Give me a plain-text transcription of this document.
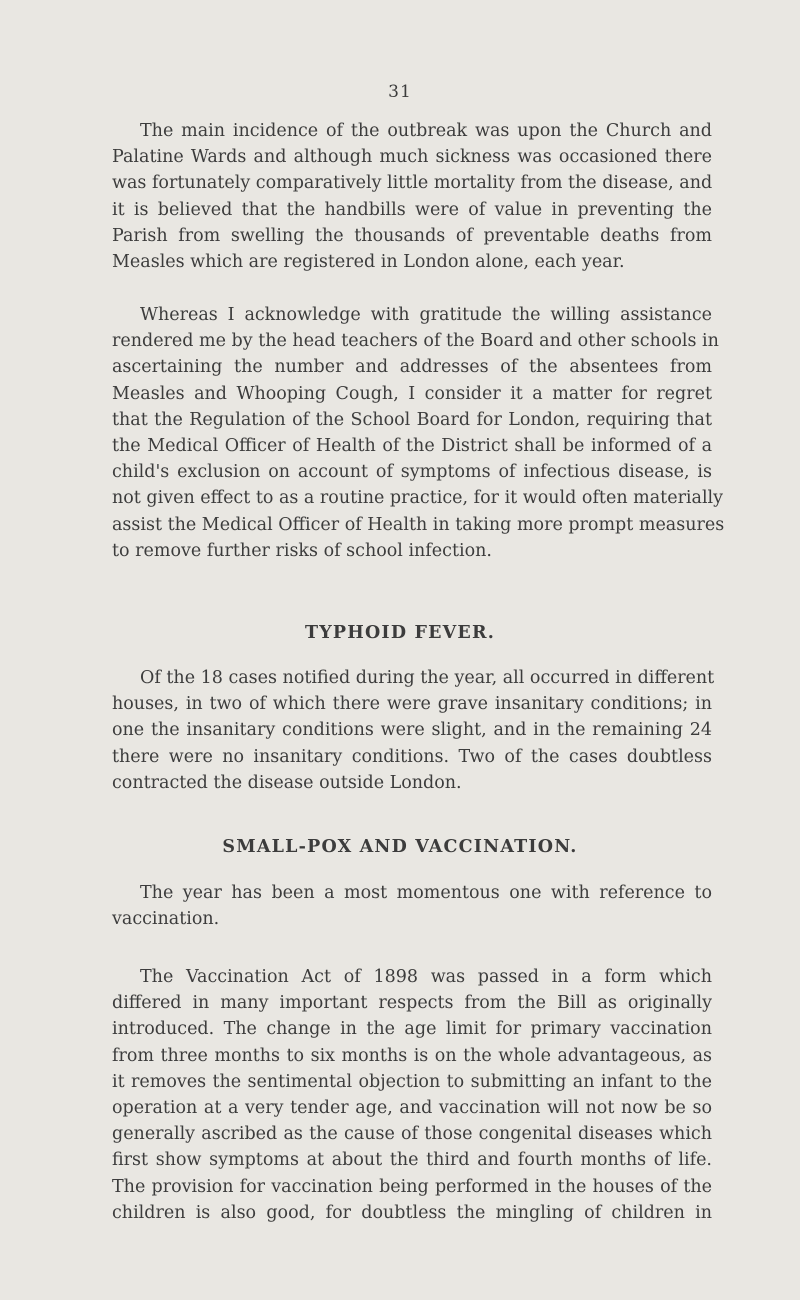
31

The main incidence of the outbreak was upon the Church and
Palatine Wards and although much sickness was occasioned there
was fortunately comparatively little mortality from the disease, and
it is believed that the handbills were of value in preventing the
Parish from swelling the thousands of preventable deaths from
Measles which are registered in London alone, each year.

Whereas I acknowledge with gratitude the willing assistance
rendered me by the head teachers of the Board and other schools in
ascertaining the number and addresses of the absentees from
Measles and Whooping Cough, I consider it a matter for regret
that the Regulation of the School Board for London, requiring that
the Medical Officer of Health of the District shall be informed of a
child's exclusion on account of symptoms of infectious disease, is
not given effect to as a routine practice, for it would often materially
assist the Medical Officer of Health in taking more prompt measures
to remove further risks of school infection.

TYPHOID FEVER.

Of the 18 cases notified during the year, all occurred in different
houses, in two of which there were grave insanitary conditions; in
one the insanitary conditions were slight, and in the remaining 24
there were no insanitary conditions. Two of the cases doubtless
contracted the disease outside London.

SMALL-POX AND VACCINATION.

The year has been a most momentous one with reference to
vaccination.

The Vaccination Act of 1898 was passed in a form which
differed in many important respects from the Bill as originally
introduced. The change in the age limit for primary vaccination
from three months to six months is on the whole advantageous, as
it removes the sentimental objection to submitting an infant to the
operation at a very tender age, and vaccination will not now be so
generally ascribed as the cause of those congenital diseases which
first show symptoms at about the third and fourth months of life.
The provision for vaccination being performed in the houses of the
children is also good, for doubtless the mingling of children in
